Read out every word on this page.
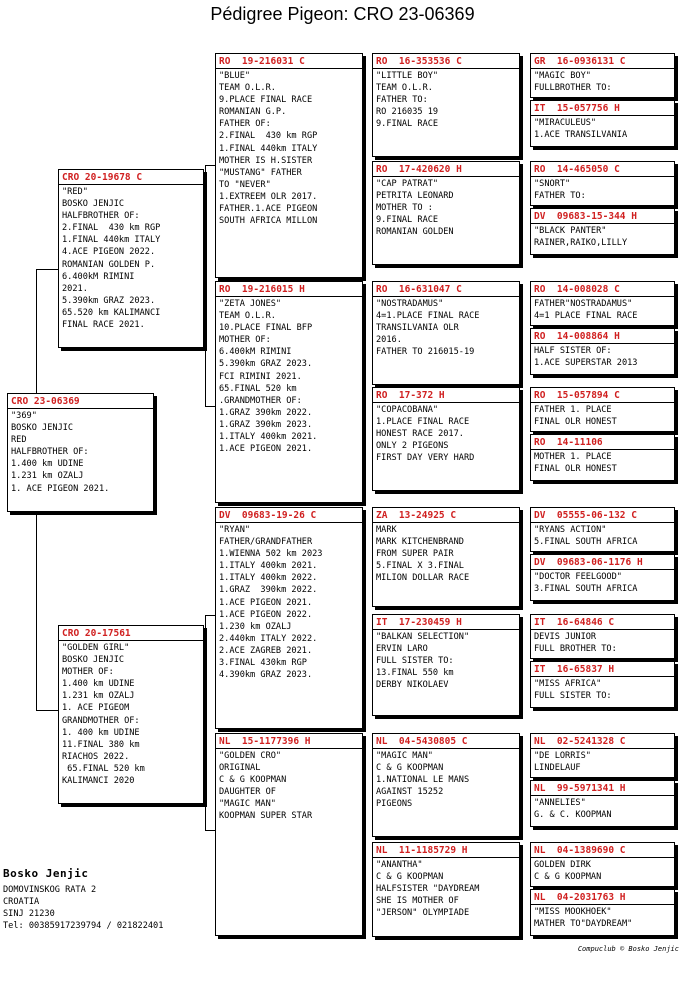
Pédigree Pigeon: CRO 23-06369
CRO 23-06369
"369"
BOSKO JENJIC
RED
HALFBROTHER OF:
1.400 km UDINE
1.231 km OZALJ
1. ACE PIGEON 2021.
CRO 20-19678 C
"RED"
BOSKO JENJIC
HALFBROTHER OF:
2.FINAL  430 km RGP
1.FINAL 440km ITALY
4.ACE PIGEON 2022.
ROMANIAN GOLDEN P.
6.400kM RIMINI
2021.
5.390km GRAZ 2023.
65.520 km KALIMANCI
FINAL RACE 2021.
CRO 20-17561
"GOLDEN GIRL"
BOSKO JENJIC
MOTHER OF:
1.400 km UDINE
1.231 km OZALJ
1. ACE PIGEOM
GRANDMOTHER OF:
1. 400 km UDINE
11.FINAL 380 km
RIACHOS 2022.
65.FINAL 520 km
KALIMANCI 2020
RO  19-216031 C
"BLUE"
TEAM O.L.R.
9.PLACE FINAL RACE
ROMANIAN G.P.
FATHER OF:
2.FINAL  430 km RGP
1.FINAL 440km ITALY
MOTHER IS H.SISTER
"MUSTANG" FATHER
TO "NEVER"
1.EXTREEM OLR 2017.
FATHER.1.ACE PIGEON
SOUTH AFRICA MILLON
RO  19-216015 H
"ZETA JONES"
TEAM O.L.R.
10.PLACE FINAL BFP
MOTHER OF:
6.400kM RIMINI
5.390km GRAZ 2023.
FCI RIMINI 2021.
65.FINAL 520 km
.GRANDMOTHER OF:
1.GRAZ 390km 2022.
1.GRAZ 390km 2023.
1.ITALY 400km 2021.
1.ACE PIGEON 2021.
DV  09683-19-26 C
"RYAN"
FATHER/GRANDFATHER
1.WIENNA 502 km 2023
1.ITALY 400km 2021.
1.ITALY 400km 2022.
1.GRAZ  390km 2022.
1.ACE PIGEON 2021.
1.ACE PIGEON 2022.
1.230 km OZALJ
2.440km ITALY 2022.
2.ACE ZAGREB 2021.
3.FINAL 430km RGP
4.390km GRAZ 2023.
NL  15-1177396 H
"GOLDEN CRO"
ORIGINAL
C & G KOOPMAN
DAUGHTER OF
"MAGIC MAN"
KOOPMAN SUPER STAR
RO  16-353536 C
"LITTLE BOY"
TEAM O.L.R.
FATHER TO:
RO 216035 19
9.FINAL RACE
RO  17-420620 H
"CAP PATRAT"
PETRITA LEONARD
MOTHER TO :
9.FINAL RACE
ROMANIAN GOLDEN
RO  16-631047 C
"NOSTRADAMUS"
4=1.PLACE FINAL RACE
TRANSILVANIA OLR
2016.
FATHER TO 216015-19
RO  17-372 H
"COPACOBANA"
1.PLACE FINAL RACE
HONEST RACE 2017.
ONLY 2 PIGEONS
FIRST DAY VERY HARD
ZA  13-24925 C
MARK
MARK KITCHENBRAND
FROM SUPER PAIR
5.FINAL X 3.FINAL
MILION DOLLAR RACE
IT  17-230459 H
"BALKAN SELECTION"
ERVIN LARO
FULL SISTER TO:
13.FINAL 550 km
DERBY NIKOLAEV
NL  04-5430805 C
"MAGIC MAN"
C & G KOOPMAN
1.NATIONAL LE MANS
AGAINST 15252
PIGEONS
NL  11-1185729 H
"ANANTHA"
C & G KOOPMAN
HALFSISTER "DAYDREAM
SHE IS MOTHER OF
"JERSON" OLYMPIADE
GR  16-0936131 C
"MAGIC BOY"
FULLBROTHER TO:
IT  15-057756 H
"MIRACULEUS"
1.ACE TRANSILVANIA
RO  14-465050 C
"SNORT"
FATHER TO:
DV  09683-15-344 H
"BLACK PANTER"
RAINER,RAIKO,LILLY
RO  14-008028 C
FATHER"NOSTRADAMUS"
4=1 PLACE FINAL RACE
RO  14-008864 H
HALF SISTER OF:
1.ACE SUPERSTAR 2013
RO  15-057894 C
FATHER 1. PLACE
FINAL OLR HONEST
RO  14-11106
MOTHER 1. PLACE
FINAL OLR HONEST
DV  05555-06-132 C
"RYANS ACTION"
5.FINAL SOUTH AFRICA
DV  09683-06-1176 H
"DOCTOR FEELGOOD"
3.FINAL SOUTH AFRICA
IT  16-64846 C
DEVIS JUNIOR
FULL BROTHER TO:
IT  16-65837 H
"MISS AFRICA"
FULL SISTER TO:
NL  02-5241328 C
"DE LORRIS"
LINDELAUF
NL  99-5971341 H
"ANNELIES"
G. & C. KOOPMAN
NL  04-1389690 C
GOLDEN DIRK
C & G KOOPMAN
NL  04-2031763 H
"MISS MOOKHOEK"
MATHER TO"DAYDREAM"
Bosko Jenjic
DOMOVINSKOG RATA 2
CROATIA
SINJ 21230
Tel: 00385917239794 / 021822401
Compuclub © Bosko Jenjic
